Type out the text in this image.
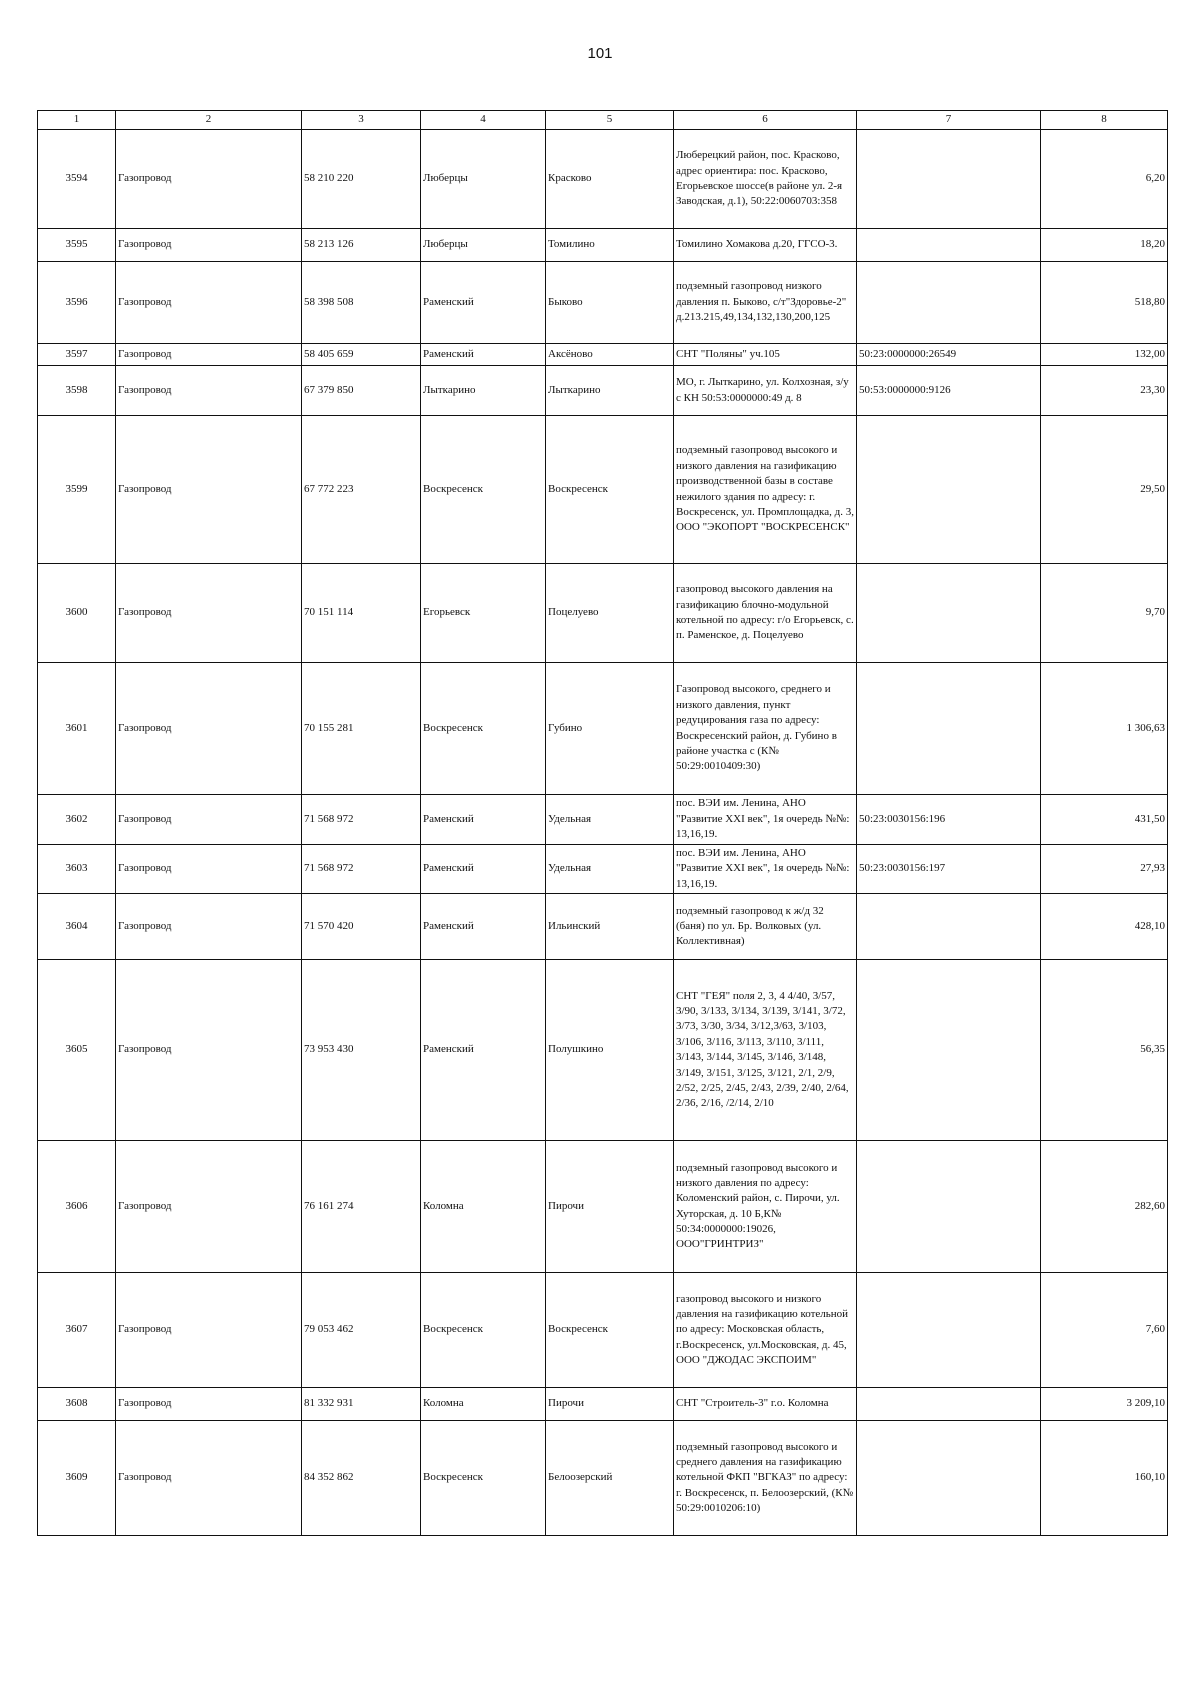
101
1	2	3	4	5	6	7	8
3594	Газопровод	58 210 220	Люберцы	Красково	Люберецкий район, пос. Красково, адрес ориентира: пос. Красково, Егорьевское шоссе(в районе ул. 2-я Заводская, д.1), 50:22:0060703:358		6,20
3595	Газопровод	58 213 126	Люберцы	Томилино	Томилино Хомакова д.20, ГГСО-3.		18,20
3596	Газопровод	58 398 508	Раменский	Быково	подземный газопровод низкого давления п. Быково, с/т"Здоровье-2" д.213.215,49,134,132,130,200,125		518,80
3597	Газопровод	58 405 659	Раменский	Аксёново	СНТ "Поляны" уч.105	50:23:0000000:26549	132,00
3598	Газопровод	67 379 850	Лыткарино	Лыткарино	МО, г. Лыткарино, ул. Колхозная, з/у с КН 50:53:0000000:49 д. 8	50:53:0000000:9126	23,30
3599	Газопровод	67 772 223	Воскресенск	Воскресенск	подземный газопровод высокого и низкого давления на газификацию производственной базы в составе нежилого здания по адресу: г. Воскресенск, ул. Промплощадка, д. 3, ООО "ЭКОПОРТ "ВОСКРЕСЕНСК"		29,50
3600	Газопровод	70 151 114	Егорьевск	Поцелуево	газопровод высокого давления на газификацию блочно-модульной котельной по адресу: г/о Егорьевск, с. п. Раменское, д. Поцелуево		9,70
3601	Газопровод	70 155 281	Воскресенск	Губино	Газопровод высокого, среднего и низкого давления, пункт редуцирования газа по адресу: Воскресенский район, д. Губино в районе участка с (К№ 50:29:0010409:30)		1 306,63
3602	Газопровод	71 568 972	Раменский	Удельная	пос. ВЭИ им. Ленина, АНО "Развитие XXI век", 1я очередь №№: 13,16,19.	50:23:0030156:196	431,50
3603	Газопровод	71 568 972	Раменский	Удельная	пос. ВЭИ им. Ленина, АНО "Развитие XXI век", 1я очередь №№: 13,16,19.	50:23:0030156:197	27,93
3604	Газопровод	71 570 420	Раменский	Ильинский	подземный газопровод к ж/д 32 (баня) по ул. Бр. Волковых (ул. Коллективная)		428,10
3605	Газопровод	73 953 430	Раменский	Полушкино	СНТ "ГЕЯ" поля 2, 3, 4 4/40, 3/57, 3/90, 3/133, 3/134, 3/139, 3/141, 3/72, 3/73, 3/30, 3/34, 3/12,3/63, 3/103, 3/106, 3/116, 3/113, 3/110, 3/111, 3/143, 3/144, 3/145, 3/146, 3/148, 3/149, 3/151, 3/125, 3/121, 2/1, 2/9, 2/52, 2/25, 2/45, 2/43, 2/39, 2/40, 2/64, 2/36, 2/16, /2/14, 2/10		56,35
3606	Газопровод	76 161 274	Коломна	Пирочи	подземный газопровод высокого и низкого давления по адресу: Коломенский район, с. Пирочи, ул. Хуторская, д. 10 Б,К№ 50:34:0000000:19026, ООО"ГРИНТРИЗ"		282,60
3607	Газопровод	79 053 462	Воскресенск	Воскресенск	газопровод высокого и низкого давления на газификацию котельной по адресу: Московская область, г.Воскресенск, ул.Московская, д. 45, ООО "ДЖОДАС ЭКСПОИМ"		7,60
3608	Газопровод	81 332 931	Коломна	Пирочи	СНТ "Строитель-3" г.о. Коломна		3 209,10
3609	Газопровод	84 352 862	Воскресенск	Белоозерский	подземный газопровод высокого и среднего давления на газификацию котельной ФКП "ВГКАЗ" по адресу: г. Воскресенск, п. Белоозерский, (К№ 50:29:0010206:10)		160,10
